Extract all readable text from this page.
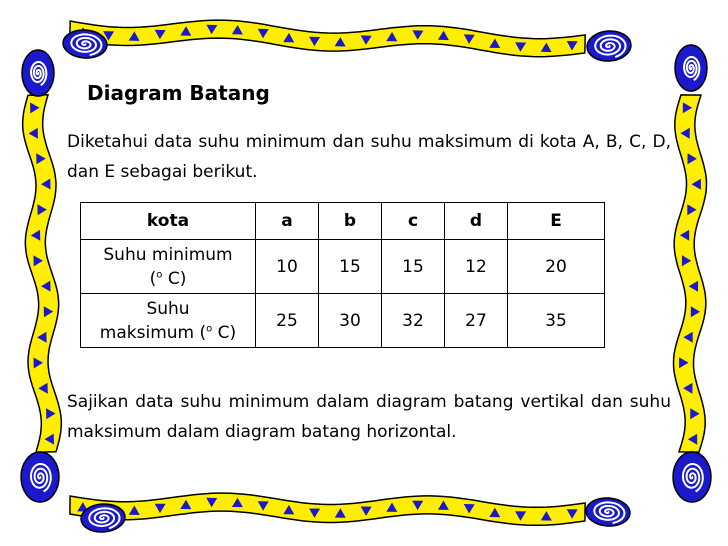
Diagram Batang
Diketahui data suhu minimum dan suhu maksimum di kota A, B, C, D, dan E sebagai berikut.
kota	a	b	c	d	E
Suhu minimum
($^o$ C)	10	15	15	12	20
Suhu
maksimum ($^o$ C)	25	30	32	27	35
Sajikan data suhu minimum dalam diagram batang vertikal dan suhu maksimum dalam diagram batang horizontal.
